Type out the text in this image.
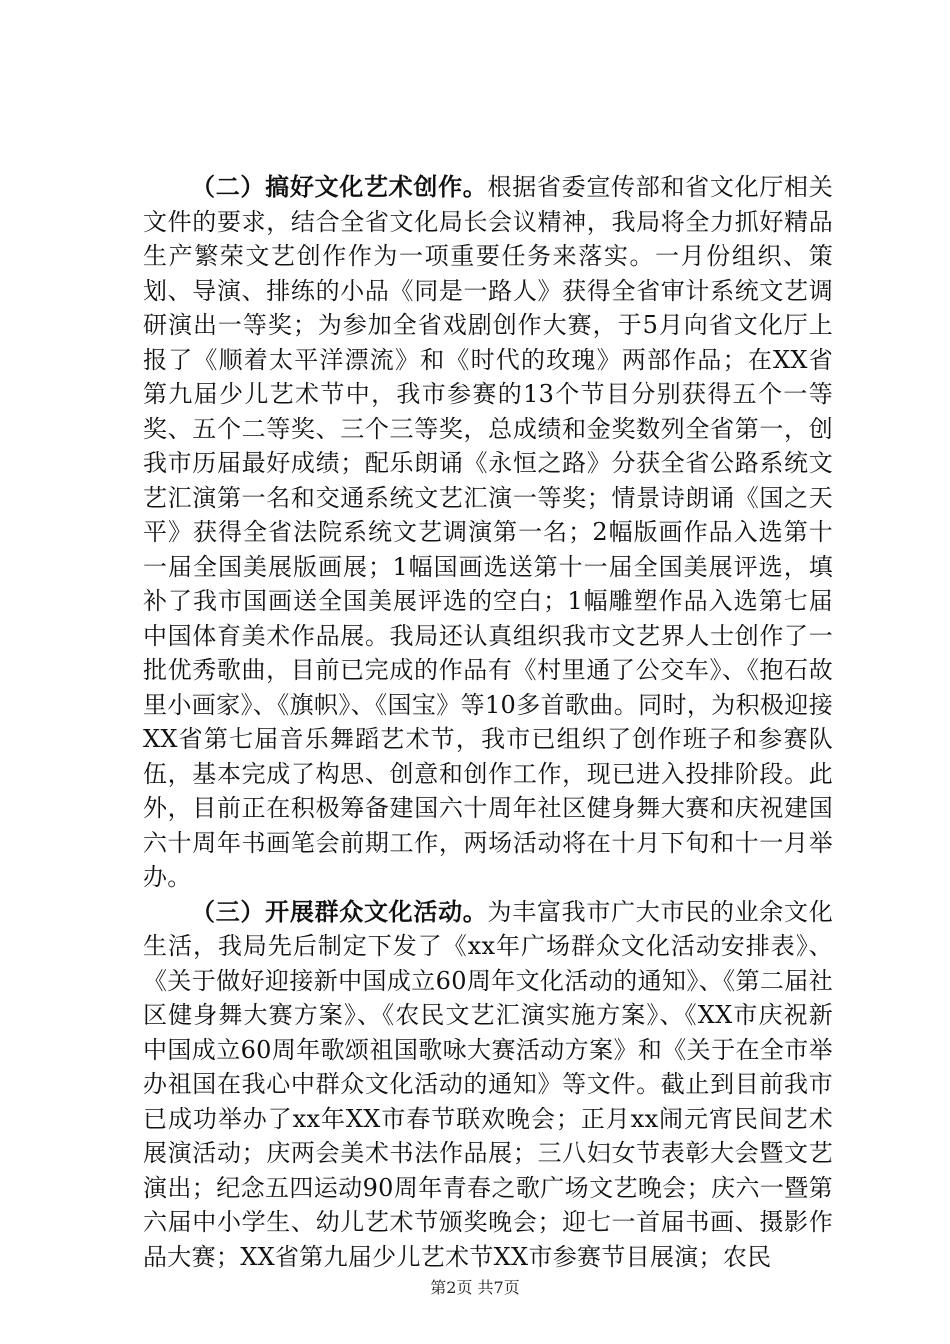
（二）搞好文化艺术创作。根据省委宣传部和省文化厅相关文件的要求，结合全省文化局长会议精神，我局将全力抓好精品生产繁荣文艺创作作为一项重要任务来落实。一月份组织、策划、导演、排练的小品《同是一路人》获得全省审计系统文艺调研演出一等奖；为参加全省戏剧创作大赛，于5月向省文化厅上报了《顺着太平洋漂流》和《时代的玫瑰》两部作品；在XX省第九届少儿艺术节中，我市参赛的13个节目分别获得五个一等奖、五个二等奖、三个三等奖，总成绩和金奖数列全省第一，创我市历届最好成绩；配乐朗诵《永恒之路》分获全省公路系统文艺汇演第一名和交通系统文艺汇演一等奖；情景诗朗诵《国之天平》获得全省法院系统文艺调演第一名；2幅版画作品入选第十一届全国美展版画展；1幅国画选送第十一届全国美展评选，填补了我市国画送全国美展评选的空白；1幅雕塑作品入选第七届中国体育美术作品展。我局还认真组织我市文艺界人士创作了一批优秀歌曲，目前已完成的作品有《村里通了公交车》、《抱石故里小画家》、《旗帜》、《国宝》等10多首歌曲。同时，为积极迎接XX省第七届音乐舞蹈艺术节，我市已组织了创作班子和参赛队伍，基本完成了构思、创意和创作工作，现已进入投排阶段。此外，目前正在积极筹备建国六十周年社区健身舞大赛和庆祝建国六十周年书画笔会前期工作，两场活动将在十月下旬和十一月举办。

（三）开展群众文化活动。为丰富我市广大市民的业余文化生活，我局先后制定下发了《xx年广场群众文化活动安排表》、《关于做好迎接新中国成立60周年文化活动的通知》、《第二届社区健身舞大赛方案》、《农民文艺汇演实施方案》、《XX市庆祝新中国成立60周年歌颂祖国歌咏大赛活动方案》和《关于在全市举办祖国在我心中群众文化活动的通知》等文件。截止到目前我市已成功举办了xx年XX市春节联欢晚会；正月xx闹元宵民间艺术展演活动；庆两会美术书法作品展；三八妇女节表彰大会暨文艺演出；纪念五四运动90周年青春之歌广场文艺晚会；庆六一暨第六届中小学生、幼儿艺术节颁奖晚会；迎七一首届书画、摄影作品大赛；XX省第九届少儿艺术节XX市参赛节目展演；农民

第2页 共7页
